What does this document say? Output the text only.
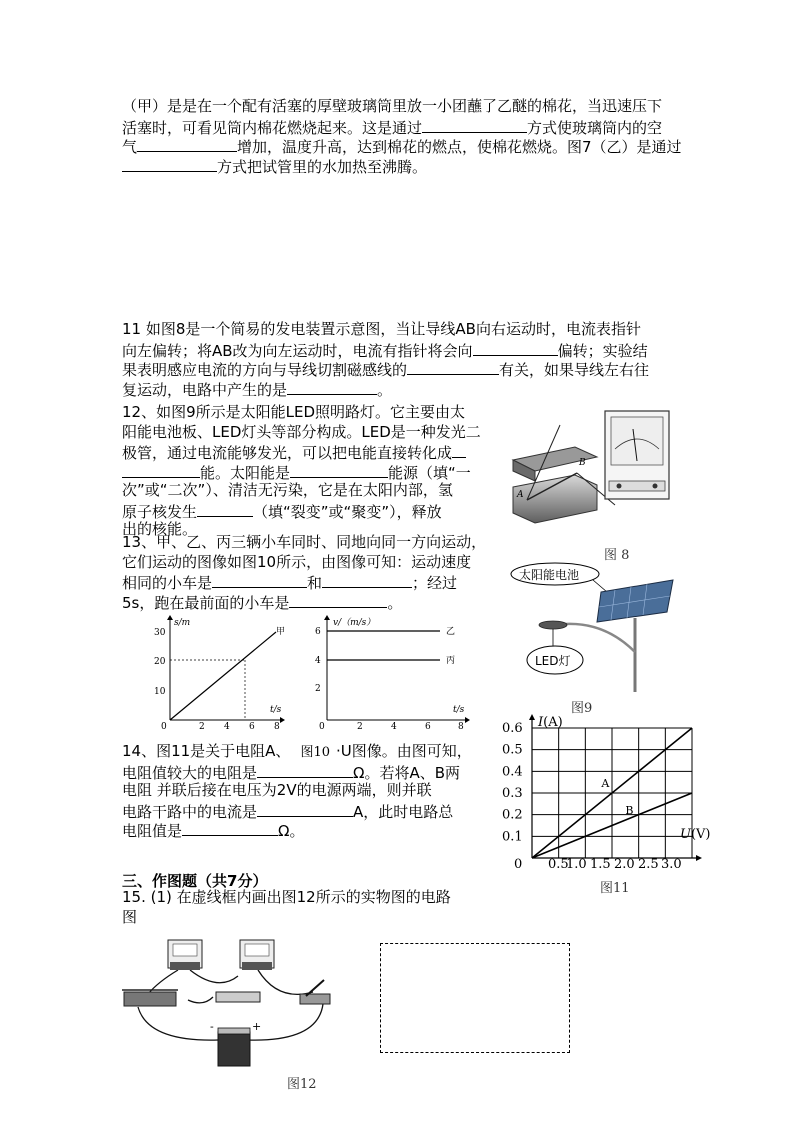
（甲）是是在一个配有活塞的厚壁玻璃筒里放一小团蘸了乙醚的棉花，当迅速压下
活塞时，可看见筒内棉花燃烧起来。这是通过	方式使玻璃筒内的空
气	增加，温度升高，达到棉花的燃点，使棉花燃烧。图7（乙）是通过
方式把试管里的水加热至沸腾。
11 如图8是一个简易的发电装置示意图，当让导线AB向右运动时，电流表指针
向左偏转；将AB改为向左运动时，电流有指针将会向	偏转；实验结
果表明感应电流的方向与导线切割磁感线的	有关，如果导线左右往
复运动，电路中产生的是	。
12、如图9所示是太阳能LED照明路灯。它主要由太
阳能电池板、LED灯头等部分构成。LED是一种发光二
极管，通过电流能够发光，可以把电能直接转化成
能。太阳能是	能源（填“一
次”或“二次”）、清洁无污染，它是在太阳内部，氢
原子核发生	（填“裂变”或“聚变”），释放
出的核能。
13、甲、乙、丙三辆小车同时、同地向同一方向运动，
它们运动的图像如图10所示，由图像可知：运动速度
相同的小车是	和	；经过
5s，跑在最前面的小车是	。
s/m
t/s
10
20
30
0	2 4 6 8
甲
v/（m/s）
t/s
2
4
6
0	2	4	6	8
乙
丙
14、图11是关于电阻A、 图10 ·U图像。由图可知，
电阻值较大的电阻是	Ω。若将A、B两
电阻 并联后接在电压为2V的电源两端，则并联
电路干路中的电流是	A，此时电路总
电阻值是	Ω。
A
B
图 8
太阳能电池
LED灯
图9
I(A)
U(V)
0.1
0.2
0.3
0.4
0.5
0.6
0 0.5
1.0 1.5 2.0 2.5 3.0
A
B
图11
三、作图题（共7分）
15. (1) 在虚线框内画出图12所示的实物图的电路
图
-	+
图12
